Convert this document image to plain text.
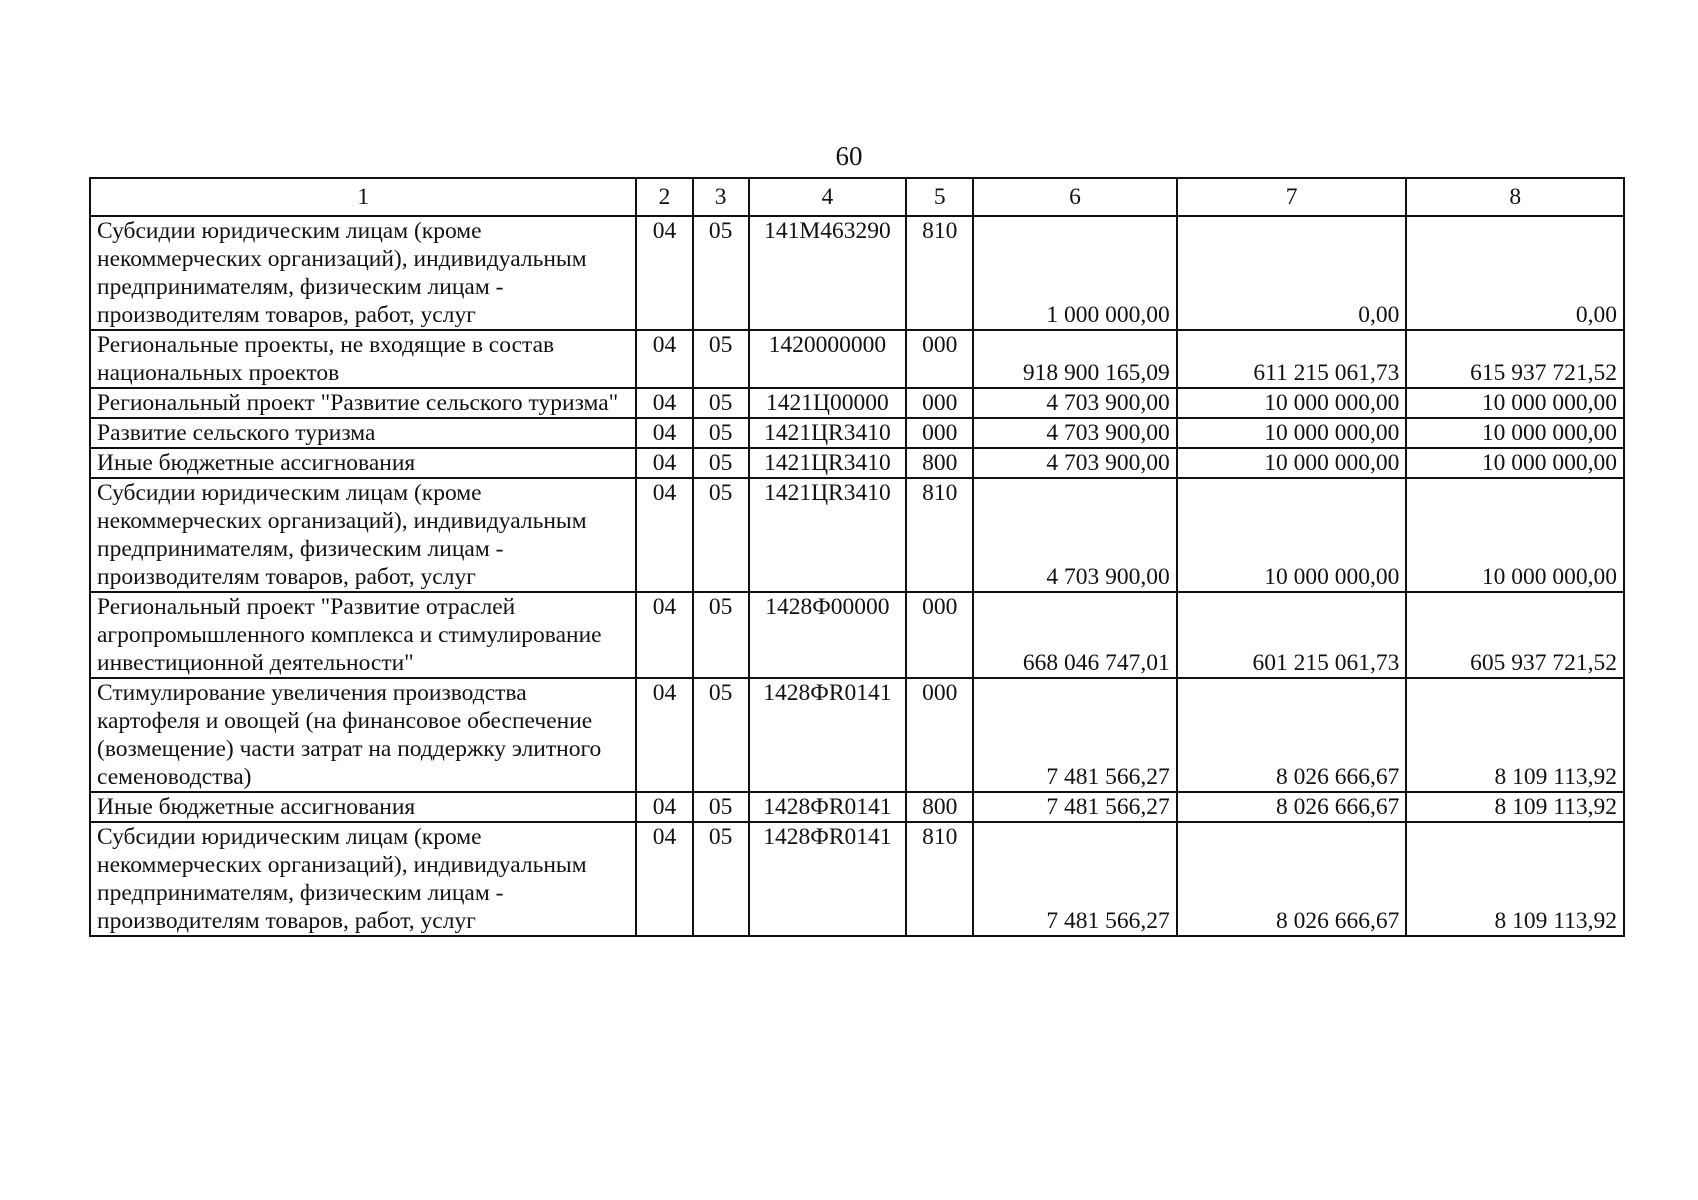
60
1	2	3	4	5	6	7	8
Субсидии юридическим лицам (кроме некоммерческих организаций), индивидуальным предпринимателям, физическим лицам - производителям товаров, работ, услуг	04	05	141M463290	810	1 000 000,00	0,00	0,00
Региональные проекты, не входящие в состав национальных проектов	04	05	1420000000	000	918 900 165,09	611 215 061,73	615 937 721,52
Региональный проект "Развитие сельского туризма"	04	05	1421Ц00000	000	4 703 900,00	10 000 000,00	10 000 000,00
Развитие сельского туризма	04	05	1421ЦR3410	000	4 703 900,00	10 000 000,00	10 000 000,00
Иные бюджетные ассигнования	04	05	1421ЦR3410	800	4 703 900,00	10 000 000,00	10 000 000,00
Субсидии юридическим лицам (кроме некоммерческих организаций), индивидуальным предпринимателям, физическим лицам - производителям товаров, работ, услуг	04	05	1421ЦR3410	810	4 703 900,00	10 000 000,00	10 000 000,00
Региональный проект "Развитие отраслей агропромышленного комплекса и стимулирование инвестиционной деятельности"	04	05	1428Ф00000	000	668 046 747,01	601 215 061,73	605 937 721,52
Стимулирование увеличения производства картофеля и овощей (на финансовое обеспечение (возмещение) части затрат на поддержку элитного семеноводства)	04	05	1428ФR0141	000	7 481 566,27	8 026 666,67	8 109 113,92
Иные бюджетные ассигнования	04	05	1428ФR0141	800	7 481 566,27	8 026 666,67	8 109 113,92
Субсидии юридическим лицам (кроме некоммерческих организаций), индивидуальным предпринимателям, физическим лицам - производителям товаров, работ, услуг	04	05	1428ФR0141	810	7 481 566,27	8 026 666,67	8 109 113,92
